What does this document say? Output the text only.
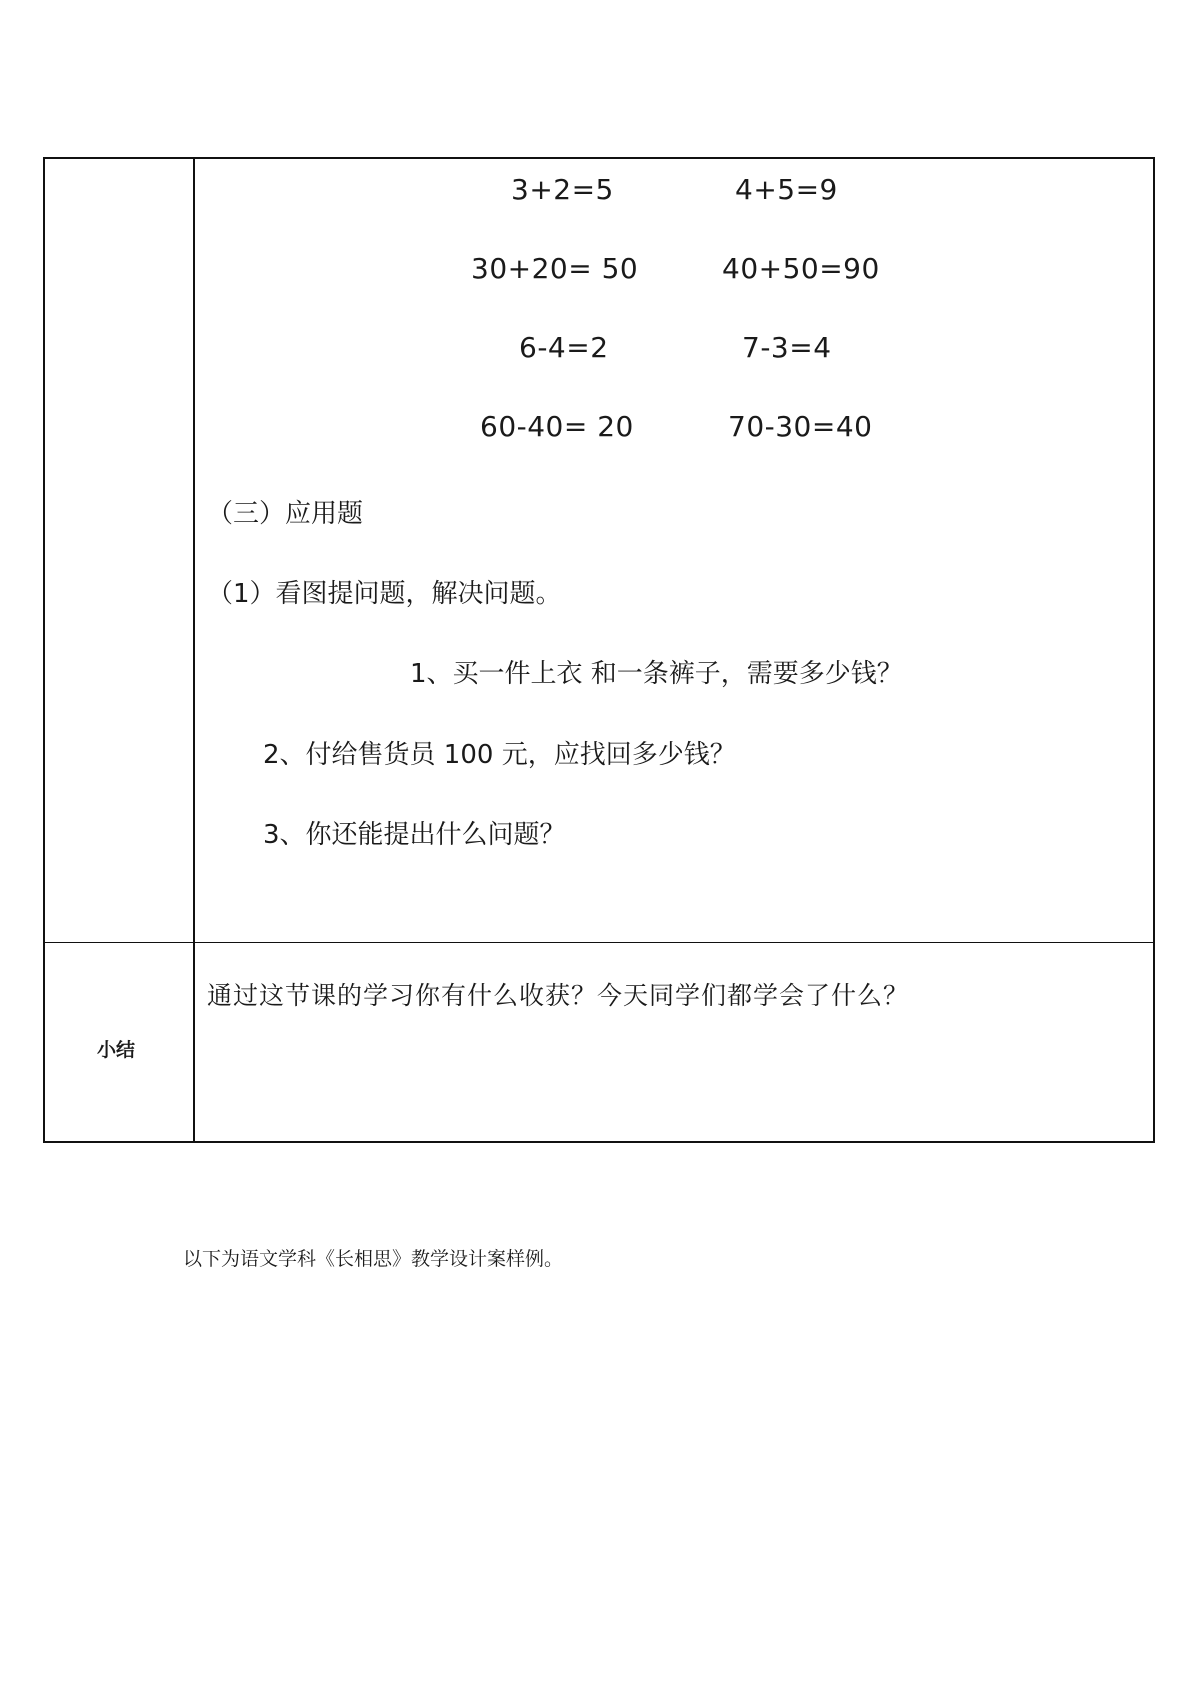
3+2=5	4+5=9
30+20= 50	40+50=90
6-4=2	7-3=4
60-40= 20	70-30=40
（三）应用题
（1）看图提问题，解决问题。
1、买一件上衣 和一条裤子，需要多少钱？
2、付给售货员 100 元，应找回多少钱？
3、你还能提出什么问题？
小结
通过这节课的学习你有什么收获？今天同学们都学会了什么？
以下为语文学科《长相思》教学设计案样例。
